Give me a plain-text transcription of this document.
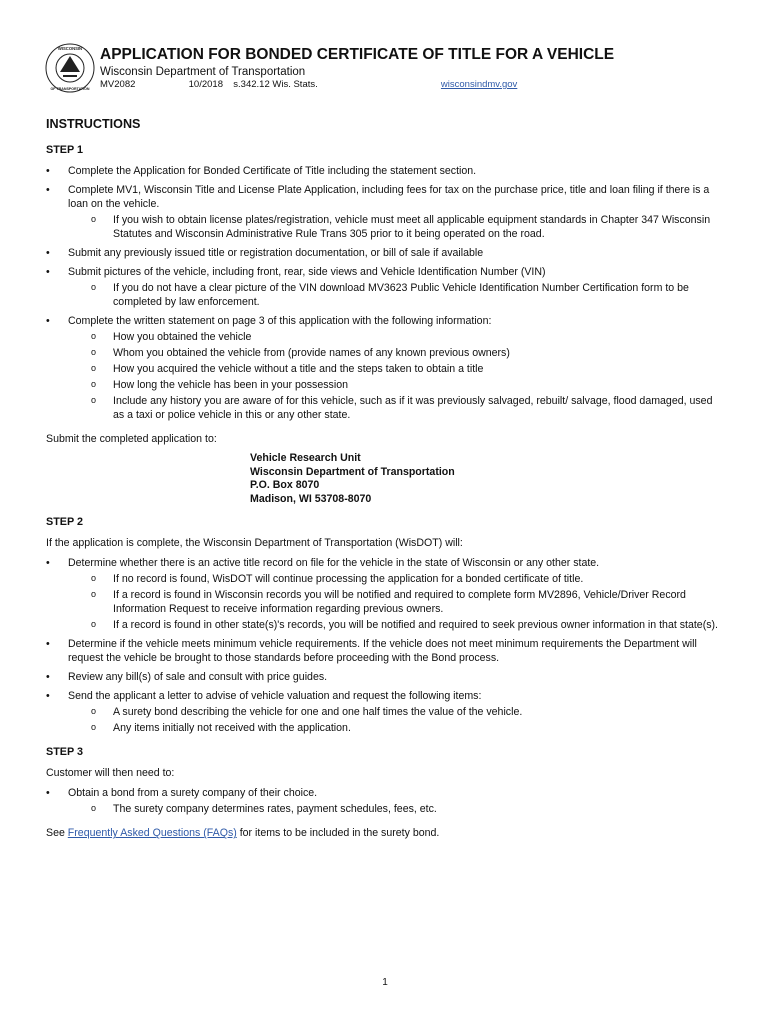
WISCONSIN
OF TRANSPORTATION
APPLICATION FOR BONDED CERTIFICATE OF TITLE FOR A VEHICLE
Wisconsin Department of Transportation
MV2082	10/2018 s.342.12 Wis. Stats.	wisconsindmv.gov
INSTRUCTIONS
STEP 1
• Complete the Application for Bonded Certificate of Title including the statement section.
• Complete MV1, Wisconsin Title and License Plate Application, including fees for tax on the purchase price, title and loan filing if there is a loan on the vehicle.
o If you wish to obtain license plates/registration, vehicle must meet all applicable equipment standards in Chapter 347 Wisconsin Statutes and Wisconsin Administrative Rule Trans 305 prior to it being operated on the road.
• Submit any previously issued title or registration documentation, or bill of sale if available
• Submit pictures of the vehicle, including front, rear, side views and Vehicle Identification Number (VIN)
o If you do not have a clear picture of the VIN download MV3623 Public Vehicle Identification Number Certification form to be completed by law enforcement.
• Complete the written statement on page 3 of this application with the following information:
o How you obtained the vehicle
o Whom you obtained the vehicle from (provide names of any known previous owners)
o How you acquired the vehicle without a title and the steps taken to obtain a title
o How long the vehicle has been in your possession
o Include any history you are aware of for this vehicle, such as if it was previously salvaged, rebuilt/ salvage, flood damaged, used as a taxi or police vehicle in this or any other state.
Submit the completed application to:
Vehicle Research Unit
Wisconsin Department of Transportation
P.O. Box 8070
Madison, WI 53708-8070
STEP 2
If the application is complete, the Wisconsin Department of Transportation (WisDOT) will:
• Determine whether there is an active title record on file for the vehicle in the state of Wisconsin or any other state.
o If no record is found, WisDOT will continue processing the application for a bonded certificate of title.
o If a record is found in Wisconsin records you will be notified and required to complete form MV2896, Vehicle/Driver Record Information Request to receive information regarding previous owners.
o If a record is found in other state(s)'s records, you will be notified and required to seek previous owner information in that state(s).
• Determine if the vehicle meets minimum vehicle requirements. If the vehicle does not meet minimum requirements the Department will request the vehicle be brought to those standards before proceeding with the Bond process.
• Review any bill(s) of sale and consult with price guides.
• Send the applicant a letter to advise of vehicle valuation and request the following items:
o A surety bond describing the vehicle for one and one half times the value of the vehicle.
o Any items initially not received with the application.
STEP 3
Customer will then need to:
• Obtain a bond from a surety company of their choice.
o The surety company determines rates, payment schedules, fees, etc.
See Frequently Asked Questions (FAQs) for items to be included in the surety bond.
1
